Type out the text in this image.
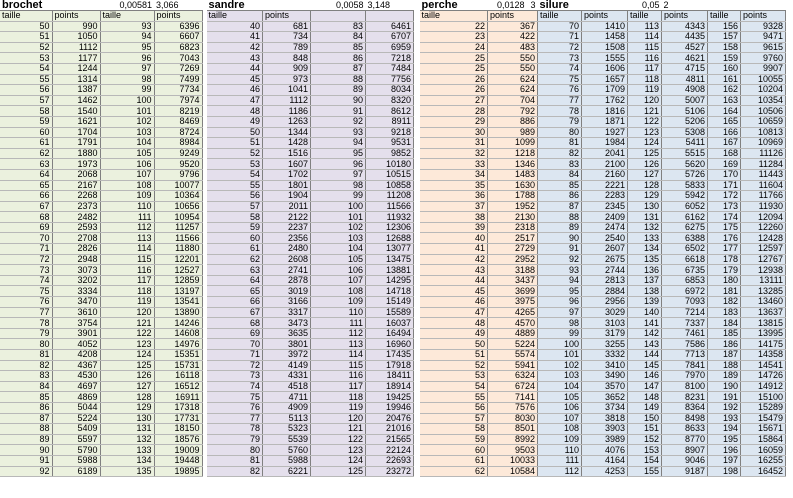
brochet		0,00581	3,066		sandre		0,0058	3,148		perche	0,0128 3	silure		0,05	2		
taille	points	taille	points		taille	points				taille	points	taille	points	taille	points	taille	points
50	990	93	6396		40	681	83	6461		22	367	70	1410	113	4343	156	9328
51	1050	94	6607		41	734	84	6707		23	422	71	1458	114	4435	157	9471
52	1112	95	6823		42	789	85	6959		24	483	72	1508	115	4527	158	9615
53	1177	96	7043		43	848	86	7218		25	550	73	1555	116	4621	159	9760
54	1244	97	7269		44	909	87	7484		25	550	74	1606	117	4715	160	9907
55	1314	98	7499		45	973	88	7756		26	624	75	1657	118	4811	161	10055
56	1387	99	7734		46	1041	89	8034		26	624	76	1709	119	4908	162	10204
57	1462	100	7974		47	1112	90	8320		27	704	77	1762	120	5007	163	10354
58	1540	101	8219		48	1186	91	8612		28	792	78	1816	121	5106	164	10506
59	1621	102	8469		49	1263	92	8911		29	886	79	1871	122	5206	165	10659
60	1704	103	8724		50	1344	93	9218		30	989	80	1927	123	5308	166	10813
61	1791	104	8984		51	1428	94	9531		31	1099	81	1984	124	5411	167	10969
62	1880	105	9249		52	1516	95	9852		32	1218	82	2041	125	5515	168	11126
63	1973	106	9520		53	1607	96	10180		33	1346	83	2100	126	5620	169	11284
64	2068	107	9796		54	1702	97	10515		34	1483	84	2160	127	5726	170	11443
65	2167	108	10077		55	1801	98	10858		35	1630	85	2221	128	5833	171	11604
66	2268	109	10364		56	1904	99	11208		36	1788	86	2283	129	5942	172	11766
67	2373	110	10656		57	2011	100	11566		37	1952	87	2345	130	6052	173	11930
68	2482	111	10954		58	2122	101	11932		38	2130	88	2409	131	6162	174	12094
69	2593	112	11257		59	2237	102	12306		39	2318	89	2474	132	6275	175	12260
70	2708	113	11566		60	2356	103	12688		40	2517	90	2540	133	6388	176	12428
71	2826	114	11880		61	2480	104	13077		41	2729	91	2607	134	6502	177	12597
72	2948	115	12201		62	2608	105	13475		42	2952	92	2675	135	6618	178	12767
73	3073	116	12527		63	2741	106	13881		43	3188	93	2744	136	6735	179	12938
74	3202	117	12859		64	2878	107	14295		44	3437	94	2813	137	6853	180	13111
75	3334	118	13197		65	3019	108	14718		45	3699	95	2884	138	6972	181	13285
76	3470	119	13541		66	3166	109	15149		46	3975	96	2956	139	7093	182	13460
77	3610	120	13890		67	3317	110	15589		47	4265	97	3029	140	7214	183	13637
78	3754	121	14246		68	3473	111	16037		48	4570	98	3103	141	7337	184	13815
79	3901	122	14608		69	3635	112	16494		49	4889	99	3179	142	7461	185	13995
80	4052	123	14976		70	3801	113	16960		50	5224	100	3255	143	7586	186	14175
81	4208	124	15351		71	3972	114	17435		51	5574	101	3332	144	7713	187	14358
82	4367	125	15731		72	4149	115	17918		52	5941	102	3410	145	7841	188	14541
83	4530	126	16118		73	4331	116	18411		53	6324	103	3490	146	7970	189	14726
84	4697	127	16512		74	4518	117	18914		54	6724	104	3570	147	8100	190	14912
85	4869	128	16911		75	4711	118	19425		55	7141	105	3652	148	8231	191	15100
86	5044	129	17318		76	4909	119	19946		56	7576	106	3734	149	8364	192	15289
87	5224	130	17731		77	5113	120	20476		57	8030	107	3818	150	8498	193	15479
88	5409	131	18150		78	5323	121	21016		58	8501	108	3903	151	8633	194	15671
89	5597	132	18576		79	5539	122	21565		59	8992	109	3989	152	8770	195	15864
90	5790	133	19009		80	5760	123	22124		60	9503	110	4076	153	8907	196	16059
91	5988	134	19448		81	5988	124	22693		61	10033	111	4164	154	9046	197	16255
92	6189	135	19895		82	6221	125	23272		62	10584	112	4253	155	9187	198	16452
